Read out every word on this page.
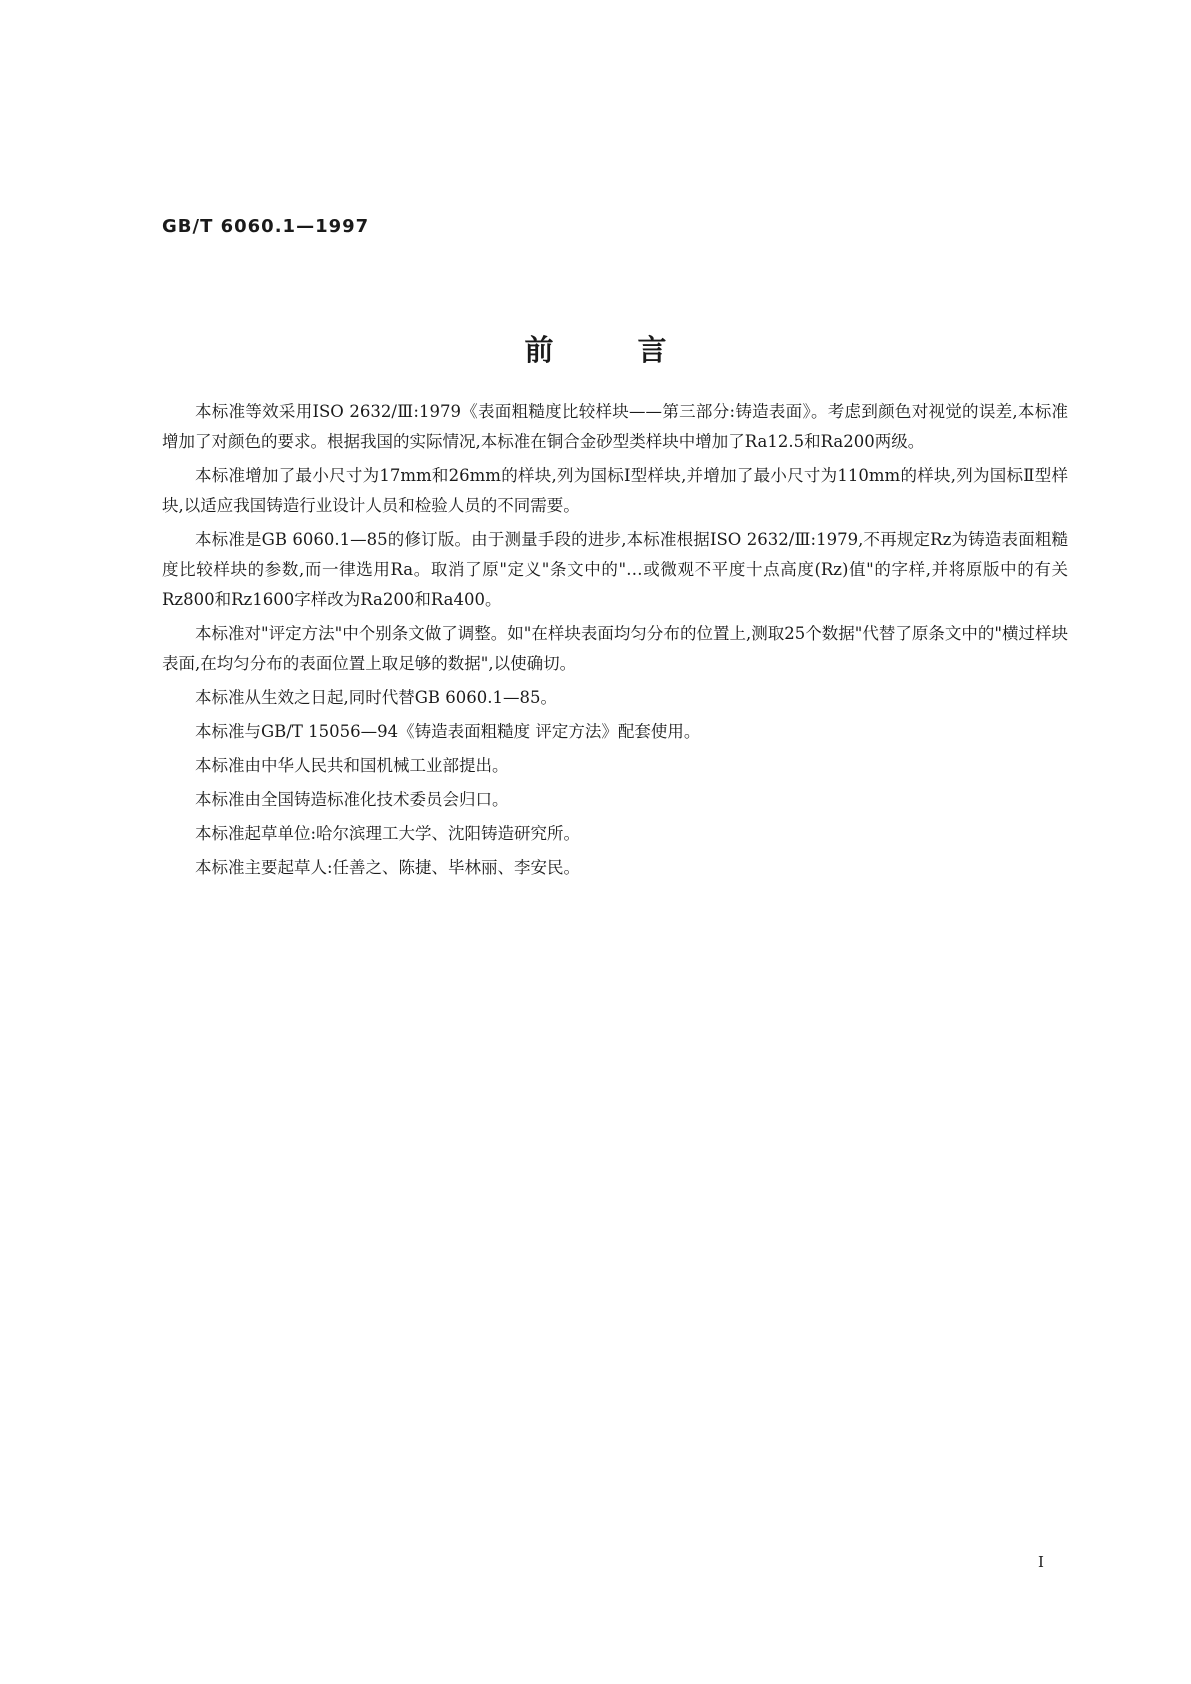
GB/T 6060.1—1997
前言

本标准等效采用ISO 2632/Ⅲ:1979《表面粗糙度比较样块——第三部分:铸造表面》。考虑到颜色对视觉的误差,本标准增加了对颜色的要求。根据我国的实际情况,本标准在铜合金砂型类样块中增加了Ra12.5和Ra200两级。

本标准增加了最小尺寸为17mm和26mm的样块,列为国标Ⅰ型样块,并增加了最小尺寸为110mm的样块,列为国标Ⅱ型样块,以适应我国铸造行业设计人员和检验人员的不同需要。

本标准是GB 6060.1—85的修订版。由于测量手段的进步,本标准根据ISO 2632/Ⅲ:1979,不再规定Rz为铸造表面粗糙度比较样块的参数,而一律选用Ra。取消了原"定义"条文中的"…或微观不平度十点高度(Rz)值"的字样,并将原版中的有关Rz800和Rz1600字样改为Ra200和Ra400。

本标准对"评定方法"中个别条文做了调整。如"在样块表面均匀分布的位置上,测取25个数据"代替了原条文中的"横过样块表面,在均匀分布的表面位置上取足够的数据",以使确切。

本标准从生效之日起,同时代替GB 6060.1—85。

本标准与GB/T 15056—94《铸造表面粗糙度 评定方法》配套使用。

本标准由中华人民共和国机械工业部提出。

本标准由全国铸造标准化技术委员会归口。

本标准起草单位:哈尔滨理工大学、沈阳铸造研究所。

本标准主要起草人:任善之、陈捷、毕林丽、李安民。

I
